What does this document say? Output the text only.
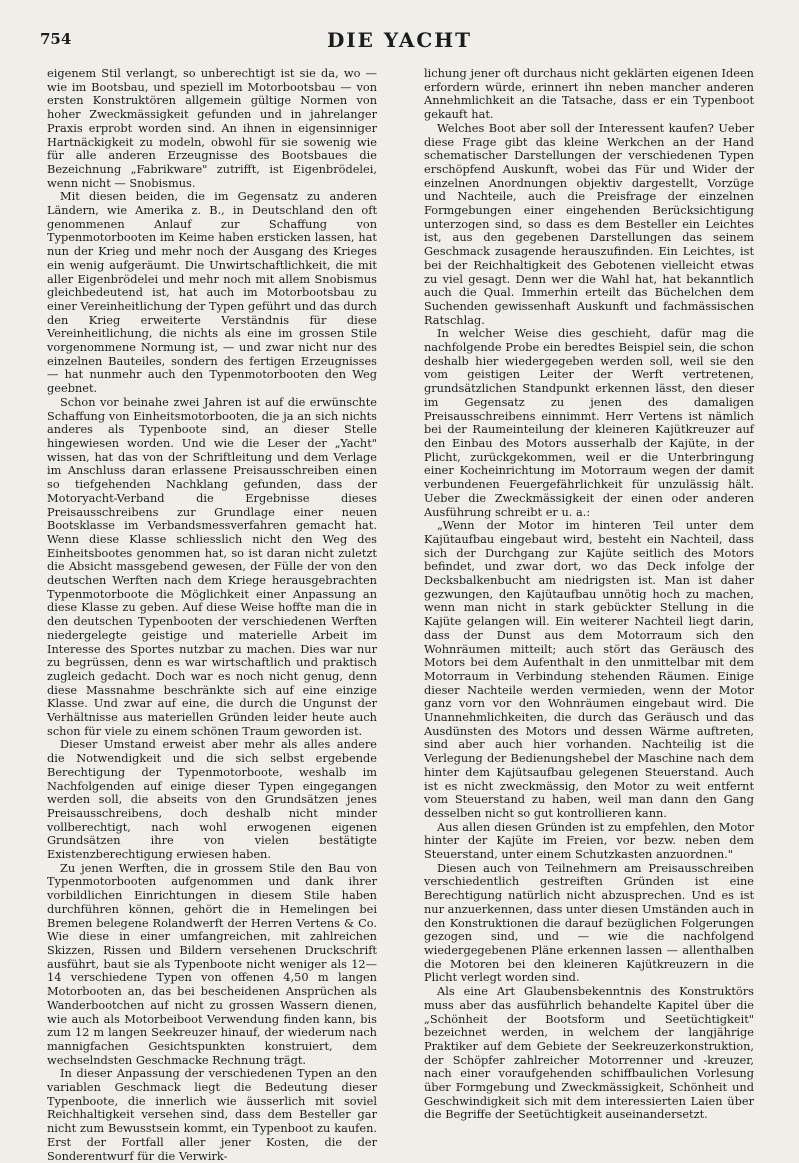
754	DIE YACHT

eigenem Stil verlangt, so unberechtigt ist sie da, wo — wie im Bootsbau, und speziell im Motorbootsbau — von ersten Konstruktören allgemein gültige Normen von hoher Zweckmässigkeit gefunden und in jahrelanger Praxis erprobt worden sind. An ihnen in eigensinniger Hartnäckigkeit zu modeln, obwohl für sie sowenig wie für alle anderen Erzeugnisse des Bootsbaues die Bezeichnung „Fabrikware" zutrifft, ist Eigenbrödelei, wenn nicht — Snobismus.

Mit diesen beiden, die im Gegensatz zu anderen Ländern, wie Amerika z. B., in Deutschland den oft genommenen Anlauf zur Schaffung von Typenmotorbooten im Keime haben ersticken lassen, hat nun der Krieg und mehr noch der Ausgang des Krieges ein wenig aufgeräumt. Die Unwirtschaftlichkeit, die mit aller Eigenbrödelei und mehr noch mit allem Snobismus gleichbedeutend ist, hat auch im Motorbootsbau zu einer Vereinheitlichung der Typen geführt und das durch den Krieg erweiterte Verständnis für diese Vereinheitlichung, die nichts als eine im grossen Stile vorgenommene Normung ist, — und zwar nicht nur des einzelnen Bauteiles, sondern des fertigen Erzeugnisses — hat nunmehr auch den Typenmotorbooten den Weg geebnet.

Schon vor beinahe zwei Jahren ist auf die erwünschte Schaffung von Einheitsmotorbooten, die ja an sich nichts anderes als Typenboote sind, an dieser Stelle hingewiesen worden. Und wie die Leser der „Yacht" wissen, hat das von der Schriftleitung und dem Verlage im Anschluss daran erlassene Preisausschreiben einen so tiefgehenden Nachklang gefunden, dass der Motoryacht-Verband die Ergebnisse dieses Preisausschreibens zur Grundlage einer neuen Bootsklasse im Verbandsmessverfahren gemacht hat. Wenn diese Klasse schliesslich nicht den Weg des Einheitsbootes genommen hat, so ist daran nicht zuletzt die Absicht massgebend gewesen, der Fülle der von den deutschen Werften nach dem Kriege herausgebrachten Typenmotorboote die Möglichkeit einer Anpassung an diese Klasse zu geben. Auf diese Weise hoffte man die in den deutschen Typenbooten der verschiedenen Werften niedergelegte geistige und materielle Arbeit im Interesse des Sportes nutzbar zu machen. Dies war nur zu begrüssen, denn es war wirtschaftlich und praktisch zugleich gedacht. Doch war es noch nicht genug, denn diese Massnahme beschränkte sich auf eine einzige Klasse. Und zwar auf eine, die durch die Ungunst der Verhältnisse aus materiellen Gründen leider heute auch schon für viele zu einem schönen Traum geworden ist.

Dieser Umstand erweist aber mehr als alles andere die Notwendigkeit und die sich selbst ergebende Berechtigung der Typenmotorboote, weshalb im Nachfolgenden auf einige dieser Typen eingegangen werden soll, die abseits von den Grundsätzen jenes Preisausschreibens, doch deshalb nicht minder vollberechtigt, nach wohl erwogenen eigenen Grundsätzen ihre von vielen bestätigte Existenzberechtigung erwiesen haben.

Zu jenen Werften, die in grossem Stile den Bau von Typenmotorbooten aufgenommen und dank ihrer vorbildlichen Einrichtungen in diesem Stile haben durchführen können, gehört die in Hemelingen bei Bremen belegene Rolandwerft der Herren Vertens & Co. Wie diese in einer umfangreichen, mit zahlreichen Skizzen, Rissen und Bildern versehenen Druckschrift ausführt, baut sie als Typenboote nicht weniger als 12—14 verschiedene Typen von offenen 4,50 m langen Motorbooten an, das bei bescheidenen Ansprüchen als Wanderbootchen auf nicht zu grossen Wassern dienen, wie auch als Motorbeiboot Verwendung finden kann, bis zum 12 m langen Seekreuzer hinauf, der wiederum nach mannigfachen Gesichtspunkten konstruiert, dem wechselndsten Geschmacke Rechnung trägt.

In dieser Anpassung der verschiedenen Typen an den variablen Geschmack liegt die Bedeutung dieser Typenboote, die innerlich wie äusserlich mit soviel Reichhaltigkeit versehen sind, dass dem Besteller gar nicht zum Bewusstsein kommt, ein Typenboot zu kaufen. Erst der Fortfall aller jener Kosten, die der Sonderentwurf für die Verwirk-

lichung jener oft durchaus nicht geklärten eigenen Ideen erfordern würde, erinnert ihn neben mancher anderen Annehmlichkeit an die Tatsache, dass er ein Typenboot gekauft hat.

Welches Boot aber soll der Interessent kaufen? Ueber diese Frage gibt das kleine Werkchen an der Hand schematischer Darstellungen der verschiedenen Typen erschöpfend Auskunft, wobei das Für und Wider der einzelnen Anordnungen objektiv dargestellt, Vorzüge und Nachteile, auch die Preisfrage der einzelnen Formgebungen einer eingehenden Berücksichtigung unterzogen sind, so dass es dem Besteller ein Leichtes ist, aus den gegebenen Darstellungen das seinem Geschmack zusagende herauszufinden. Ein Leichtes, ist bei der Reichhaltigkeit des Gebotenen vielleicht etwas zu viel gesagt. Denn wer die Wahl hat, hat bekanntlich auch die Qual. Immerhin erteilt das Büchelchen dem Suchenden gewissenhaft Auskunft und fachmässischen Ratschlag.

In welcher Weise dies geschieht, dafür mag die nachfolgende Probe ein beredtes Beispiel sein, die schon deshalb hier wiedergegeben werden soll, weil sie den vom geistigen Leiter der Werft vertretenen, grundsätzlichen Standpunkt erkennen lässt, den dieser im Gegensatz zu jenen des damaligen Preisausschreibens einnimmt. Herr Vertens ist nämlich bei der Raumeinteilung der kleineren Kajütkreuzer auf den Einbau des Motors ausserhalb der Kajüte, in der Plicht, zurückgekommen, weil er die Unterbringung einer Kocheinrichtung im Motorraum wegen der damit verbundenen Feuergefährlichkeit für unzulässig hält. Ueber die Zweckmässigkeit der einen oder anderen Ausführung schreibt er u. a.:

„Wenn der Motor im hinteren Teil unter dem Kajütaufbau eingebaut wird, besteht ein Nachteil, dass sich der Durchgang zur Kajüte seitlich des Motors befindet, und zwar dort, wo das Deck infolge der Decksbalkenbucht am niedrigsten ist. Man ist daher gezwungen, den Kajütaufbau unnötig hoch zu machen, wenn man nicht in stark gebückter Stellung in die Kajüte gelangen will. Ein weiterer Nachteil liegt darin, dass der Dunst aus dem Motorraum sich den Wohnräumen mitteilt; auch stört das Geräusch des Motors bei dem Aufenthalt in den unmittelbar mit dem Motorraum in Verbindung stehenden Räumen. Einige dieser Nachteile werden vermieden, wenn der Motor ganz vorn vor den Wohnräumen eingebaut wird. Die Unannehmlichkeiten, die durch das Geräusch und das Ausdünsten des Motors und dessen Wärme auftreten, sind aber auch hier vorhanden. Nachteilig ist die Verlegung der Bedienungshebel der Maschine nach dem hinter dem Kajütsaufbau gelegenen Steuerstand. Auch ist es nicht zweckmässig, den Motor zu weit entfernt vom Steuerstand zu haben, weil man dann den Gang desselben nicht so gut kontrollieren kann.

Aus allen diesen Gründen ist zu empfehlen, den Motor hinter der Kajüte im Freien, vor bezw. neben dem Steuerstand, unter einem Schutzkasten anzuordnen."

Diesen auch von Teilnehmern am Preisausschreiben verschiedentlich gestreiften Gründen ist eine Berechtigung natürlich nicht abzusprechen. Und es ist nur anzuerkennen, dass unter diesen Umständen auch in den Konstruktionen die darauf bezüglichen Folgerungen gezogen sind, und — wie die nachfolgend wiedergegebenen Pläne erkennen lassen — allenthalben die Motoren bei den kleineren Kajütkreuzern in die Plicht verlegt worden sind.

Als eine Art Glaubensbekenntnis des Konstruktörs muss aber das ausführlich behandelte Kapitel über die „Schönheit der Bootsform und Seetüchtigkeit" bezeichnet werden, in welchem der langjährige Praktiker auf dem Gebiete der Seekreuzerkonstruktion, der Schöpfer zahlreicher Motorrenner und -kreuzer, nach einer voraufgehenden schiffbaulichen Vorlesung über Formgebung und Zweckmässigkeit, Schönheit und Geschwindigkeit sich mit dem interessierten Laien über die Begriffe der Seetüchtigkeit auseinandersetzt.
